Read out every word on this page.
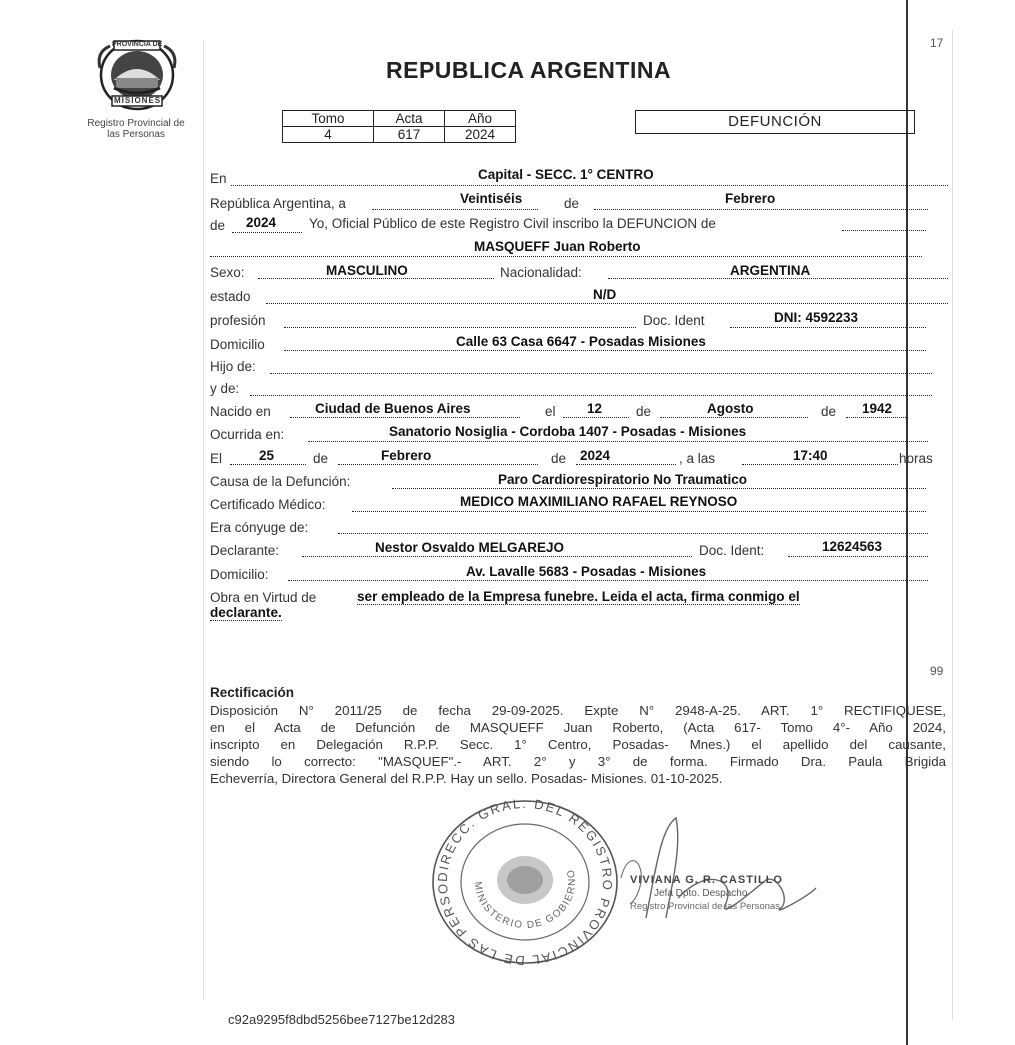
17
99
PROVINCIA DE
MISIONES
Registro Provincial de
las Personas
REPUBLICA ARGENTINA
Tomo	Acta	Año
4	617	2024
DEFUNCIÓN
En	Capital - SECC. 1° CENTRO
República Argentina, a	Veintiséis	de	Febrero
de 2024 Yo, Oficial Público de este Registro Civil inscribo la DEFUNCION de
MASQUEFF Juan Roberto
Sexo:	MASCULINO	Nacionalidad:	ARGENTINA
estado	N/D
profesión	Doc. Ident	DNI: 4592233
Domicilio	Calle 63 Casa 6647 - Posadas Misiones
Hijo de:
y de:
Nacido en	Ciudad de Buenos Aires	el 12	de	Agosto	de 1942
Ocurrida en:	Sanatorio Nosiglia - Cordoba 1407 - Posadas - Misiones
El	25	de	Febrero	de 2024	, a las	17:40	horas
Causa de la Defunción:	Paro Cardiorespiratorio No Traumatico
Certificado Médico:	MEDICO MAXIMILIANO RAFAEL REYNOSO
Era cónyuge de:
Declarante:	Nestor Osvaldo MELGAREJO	Doc. Ident:	12624563
Domicilio:	Av. Lavalle 5683 - Posadas - Misiones
Obra en Virtud de	ser empleado de la Empresa funebre. Leida el acta, firma conmigo el
declarante.
Rectificación
Disposición N° 2011/25 de fecha 29-09-2025. Expte N° 2948-A-25. ART. 1° RECTIFIQUESE,
en el Acta de Defunción de MASQUEFF Juan Roberto, (Acta 617- Tomo 4°- Año 2024,
inscripto en Delegación R.P.P. Secc. 1° Centro, Posadas- Mnes.) el apellido del causante,
siendo lo correcto: "MASQUEF".- ART. 2° y 3° de forma. Firmado Dra. Paula Brigida
Echeverría, Directora General del R.P.P. Hay un sello. Posadas- Misiones. 01-10-2025.
DIRECC. GRAL. DEL REGISTRO PROVINCIAL DE LAS PERSO	MINISTERIO DE GOBIERNO
VIVIANA G. R. CASTILLO
Jefa Dpto. Despacho
Registro Provincial de las Personas
c92a9295f8dbd5256bee7127be12d283
